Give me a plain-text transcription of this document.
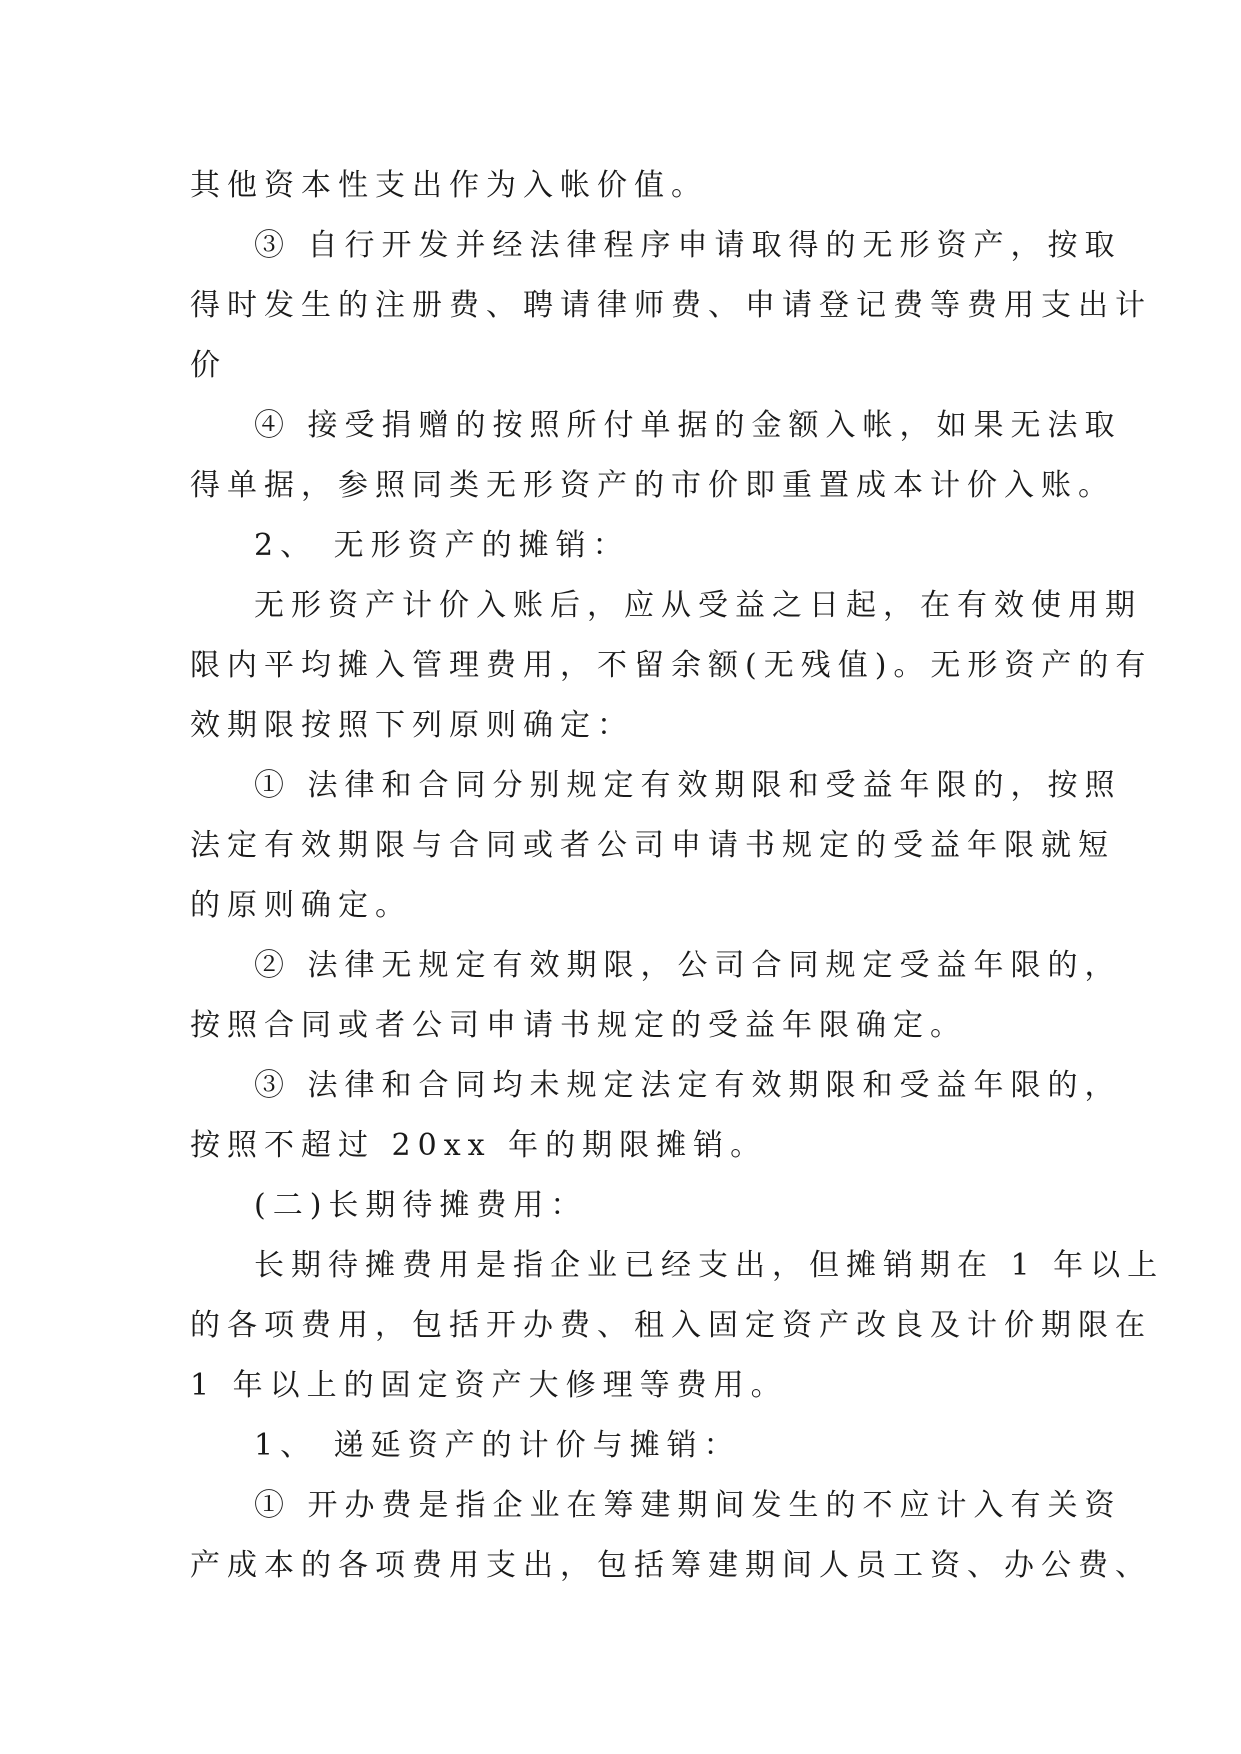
其他资本性支出作为入帐价值。
③ 自行开发并经法律程序申请取得的无形资产，按取
得时发生的注册费、聘请律师费、申请登记费等费用支出计
价
④ 接受捐赠的按照所付单据的金额入帐，如果无法取
得单据，参照同类无形资产的市价即重置成本计价入账。
2、 无形资产的摊销：
无形资产计价入账后，应从受益之日起，在有效使用期
限内平均摊入管理费用，不留余额(无残值)。无形资产的有
效期限按照下列原则确定：
① 法律和合同分别规定有效期限和受益年限的，按照
法定有效期限与合同或者公司申请书规定的受益年限就短
的原则确定。
② 法律无规定有效期限，公司合同规定受益年限的，
按照合同或者公司申请书规定的受益年限确定。
③ 法律和合同均未规定法定有效期限和受益年限的，
按照不超过 20xx 年的期限摊销。
(二)长期待摊费用：
长期待摊费用是指企业已经支出，但摊销期在 1 年以上
的各项费用，包括开办费、租入固定资产改良及计价期限在
1 年以上的固定资产大修理等费用。
1、 递延资产的计价与摊销：
① 开办费是指企业在筹建期间发生的不应计入有关资
产成本的各项费用支出，包括筹建期间人员工资、办公费、
